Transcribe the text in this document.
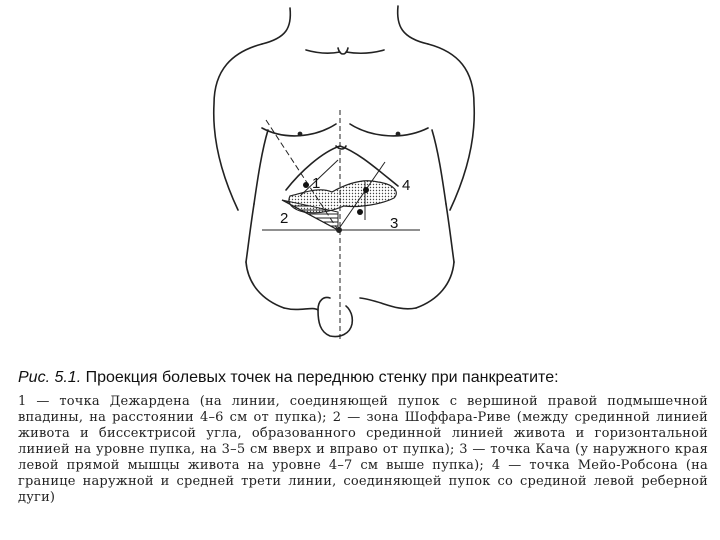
1
2	3
4
Рис. 5.1. Проекция болевых точек на переднюю стенку при панкреатите:
1 — точка Дежардена (на линии, соединяющей пупок с вершиной правой подмышечной впадины, на расстоянии 4–6 см от пупка); 2 — зона Шоффара-Риве (между срединной линией живота и биссектрисой угла, образованного срединной линией живота и горизонтальной линией на уровне пупка, на 3–5 см вверх и вправо от пупка); 3 — точка Кача (у наружного края левой прямой мышцы живота на уровне 4–7 см выше пупка); 4 — точка Мейо-Робсона (на границе наружной и средней трети линии, соединяющей пупок со срединой левой реберной дуги)
